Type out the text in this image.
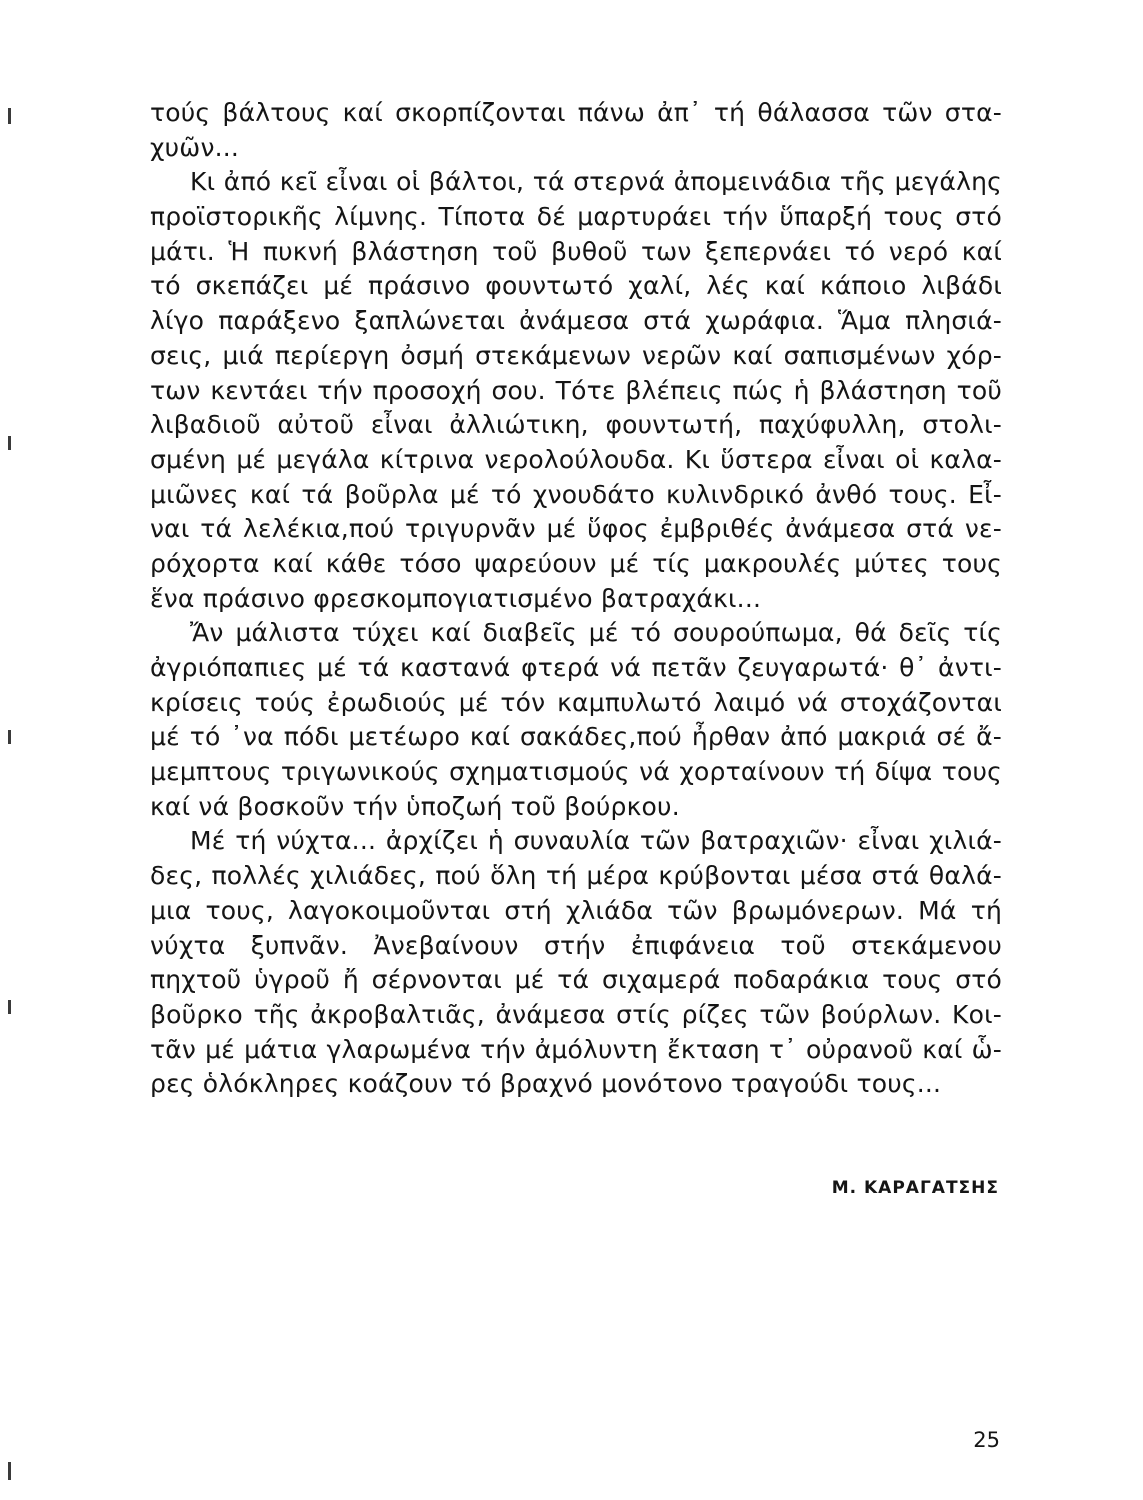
τούς βάλτους καί σκορπίζονται πάνω ἀπ᾽ τή θάλασσα τῶν στα-
χυῶν...
Κι ἀπό κεῖ εἶναι οἱ βάλτοι, τά στερνά ἀπομεινάδια τῆς μεγάλης
προϊστορικῆς λίμνης. Τίποτα δέ μαρτυράει τήν ὕπαρξή τους στό
μάτι. Ἡ πυκνή βλάστηση τοῦ βυθοῦ των ξεπερνάει τό νερό καί
τό σκεπάζει μέ πράσινο φουντωτό χαλί, λές καί κάποιο λιβάδι
λίγο παράξενο ξαπλώνεται ἀνάμεσα στά χωράφια. Ἅμα πλησιά-
σεις, μιά περίεργη ὀσμή στεκάμενων νερῶν καί σαπισμένων χόρ-
των κεντάει τήν προσοχή σου. Τότε βλέπεις πώς ἡ βλάστηση τοῦ
λιβαδιοῦ αὐτοῦ εἶναι ἀλλιώτικη, φουντωτή, παχύφυλλη, στολι-
σμένη μέ μεγάλα κίτρινα νερολούλουδα. Κι ὕστερα εἶναι οἱ καλα-
μιῶνες καί τά βοῦρλα μέ τό χνουδάτο κυλινδρικό ἀνθό τους. Εἶ-
ναι τά λελέκια,πού τριγυρνᾶν μέ ὕφος ἐμβριθές ἀνάμεσα στά νε-
ρόχορτα καί κάθε τόσο ψαρεύουν μέ τίς μακρουλές μύτες τους
ἕνα πράσινο φρεσκομπογιατισμένο βατραχάκι...
Ἄν μάλιστα τύχει καί διαβεῖς μέ τό σουρούπωμα, θά δεῖς τίς
ἀγριόπαπιες μέ τά καστανά φτερά νά πετᾶν ζευγαρωτά· θ᾽ ἀντι-
κρίσεις τούς ἐρωδιούς μέ τόν καμπυλωτό λαιμό νά στοχάζονται
μέ τό ᾽να πόδι μετέωρο καί σακάδες,πού ἦρθαν ἀπό μακριά σέ ἄ-
μεμπτους τριγωνικούς σχηματισμούς νά χορταίνουν τή δίψα τους
καί νά βοσκοῦν τήν ὑποζωή τοῦ βούρκου.
Μέ τή νύχτα... ἀρχίζει ἡ συναυλία τῶν βατραχιῶν· εἶναι χιλιά-
δες, πολλές χιλιάδες, πού ὅλη τή μέρα κρύβονται μέσα στά θαλά-
μια τους, λαγοκοιμοῦνται στή χλιάδα τῶν βρωμόνερων. Μά τή
νύχτα ξυπνᾶν. Ἀνεβαίνουν στήν ἐπιφάνεια τοῦ στεκάμενου
πηχτοῦ ὑγροῦ ἤ σέρνονται μέ τά σιχαμερά ποδαράκια τους στό
βοῦρκο τῆς ἀκροβαλτιᾶς, ἀνάμεσα στίς ρίζες τῶν βούρλων. Κοι-
τᾶν μέ μάτια γλαρωμένα τήν ἀμόλυντη ἔκταση τ᾽ οὐρανοῦ καί ὧ-
ρες ὁλόκληρες κοάζουν τό βραχνό μονότονο τραγούδι τους...
Μ. ΚΑΡΑΓΑΤΣΗΣ
25
